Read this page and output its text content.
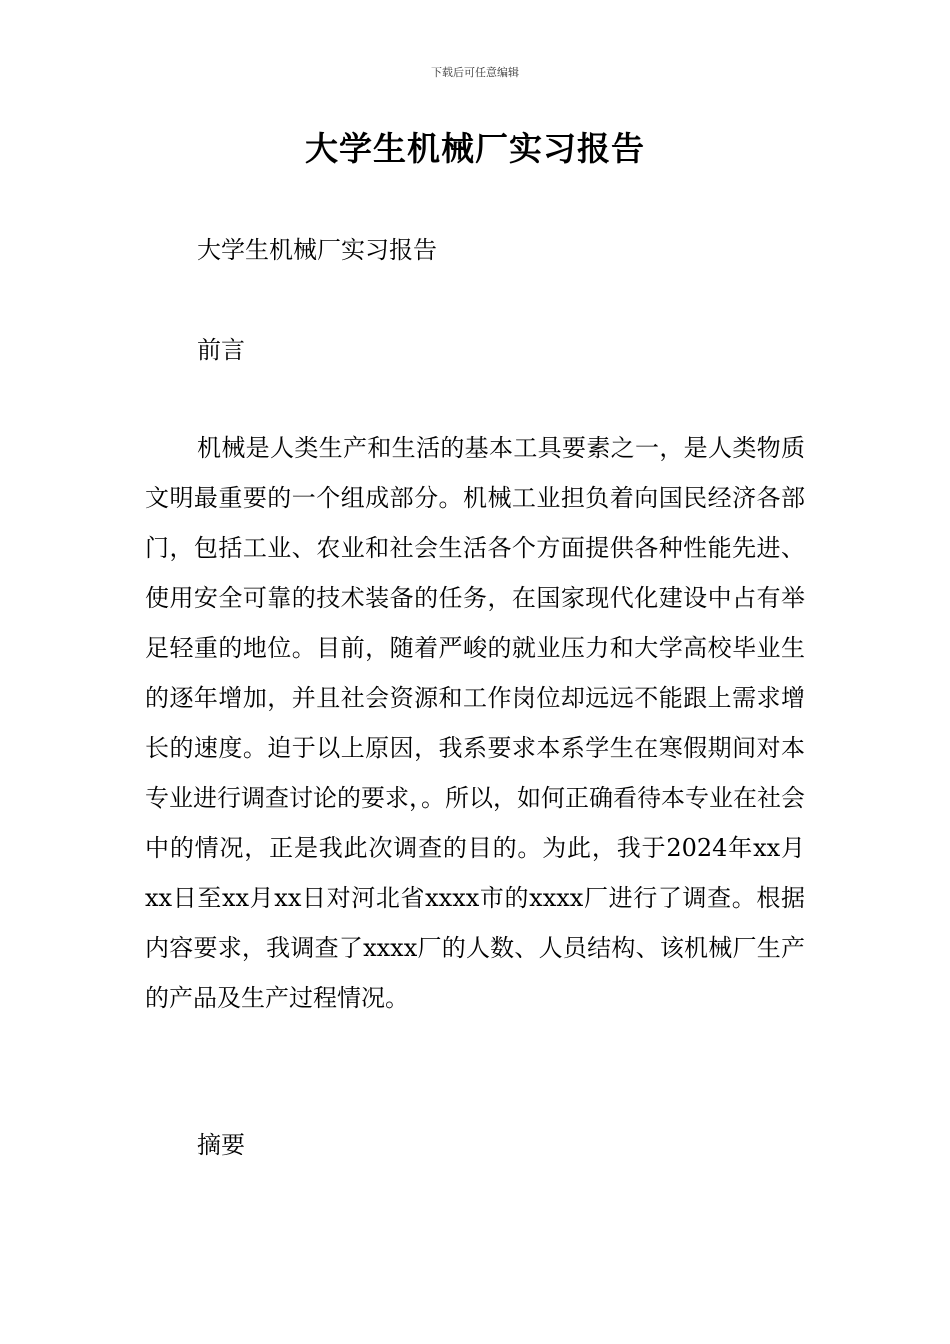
下载后可任意编辑
大学生机械厂实习报告

大学生机械厂实习报告

前言

机械是人类生产和生活的基本工具要素之一，是人类物质文明最重要的一个组成部分。机械工业担负着向国民经济各部门，包括工业、农业和社会生活各个方面提供各种性能先进、使用安全可靠的技术装备的任务，在国家现代化建设中占有举足轻重的地位。目前，随着严峻的就业压力和大学高校毕业生的逐年增加，并且社会资源和工作岗位却远远不能跟上需求增长的速度。迫于以上原因，我系要求本系学生在寒假期间对本专业进行调查讨论的要求，。所以，如何正确看待本专业在社会中的情况，正是我此次调查的目的。为此，我于2024年xx月xx日至xx月xx日对河北省xxxx市的xxxx厂进行了调查。根据内容要求，我调查了xxxx厂的人数、人员结构、该机械厂生产的产品及生产过程情况。

摘要
